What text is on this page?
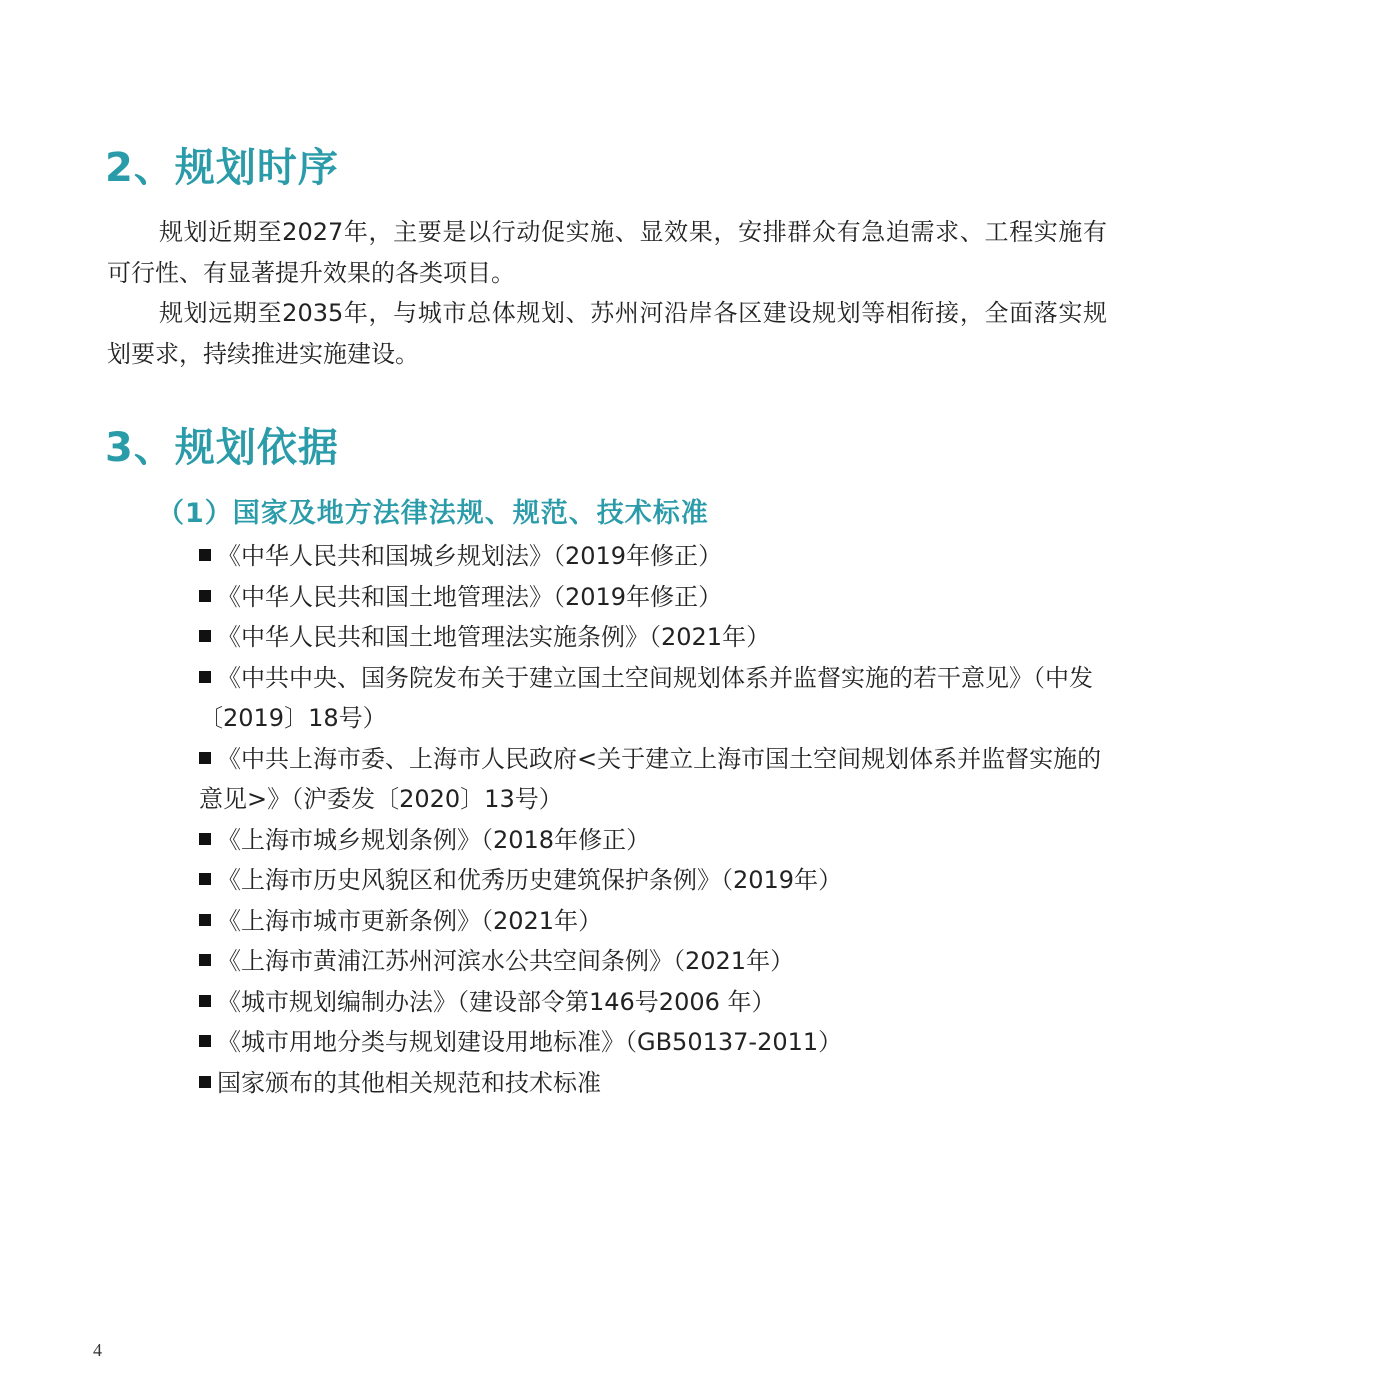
2、规划时序

规划近期至2027年，主要是以行动促实施、显效果，安排群众有急迫需求、工程实施有可行性、有显著提升效果的各类项目。

规划远期至2035年，与城市总体规划、苏州河沿岸各区建设规划等相衔接，全面落实规划要求，持续推进实施建设。

3、规划依据
（1）国家及地方法律法规、规范、技术标准
《中华人民共和国城乡规划法》（2019年修正）
《中华人民共和国土地管理法》（2019年修正）
《中华人民共和国土地管理法实施条例》（2021年）
《中共中央、国务院发布关于建立国土空间规划体系并监督实施的若干意见》（中发〔2019〕18号）
《中共上海市委、上海市人民政府<关于建立上海市国土空间规划体系并监督实施的意见>》（沪委发〔2020〕13号）
《上海市城乡规划条例》（2018年修正）
《上海市历史风貌区和优秀历史建筑保护条例》（2019年）
《上海市城市更新条例》（2021年）
《上海市黄浦江苏州河滨水公共空间条例》（2021年）
《城市规划编制办法》（建设部令第146号2006 年）
《城市用地分类与规划建设用地标准》（GB50137-2011）
国家颁布的其他相关规范和技术标准
4
